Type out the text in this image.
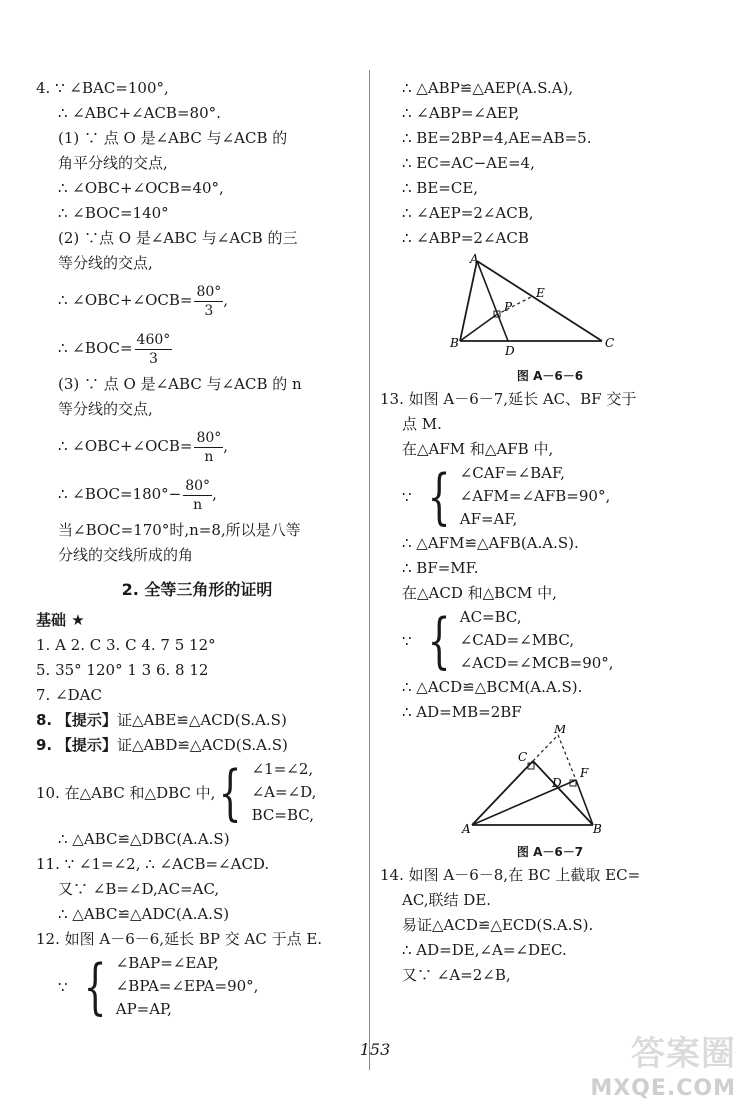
4. ∵ ∠BAC=100°,
∴ ∠ABC+∠ACB=80°.
(1) ∵ 点 O 是∠ABC 与∠ACB 的
角平分线的交点,
∴ ∠OBC+∠OCB=40°,
∴ ∠BOC=140°
(2) ∵点 O 是∠ABC 与∠ACB 的三
等分线的交点,
∴ ∠OBC+∠OCB= $\frac{80^\circ}{3}$ ,
∴ ∠BOC= $\frac{460^\circ}{3}$
(3) ∵ 点 O 是∠ABC 与∠ACB 的 n
等分线的交点,
∴ ∠OBC+∠OCB= $\frac{80^\circ}{n}$ ,
∴ ∠BOC=180°− $\frac{80^\circ}{n}$ ,
当∠BOC=170°时,n=8,所以是八等
分线的交线所成的角
2. 全等三角形的证明
基础 ★
1. A 2. C 3. C 4. 7 5 12°
5. 35° 120° 1 3 6. 8 12
7. ∠DAC
8. 【提示】证△ABE≌△ACD(S.A.S)
9. 【提示】证△ABD≌△ACD(S.A.S)
10. 在△ABC 和△DBC 中, { ∠1=∠2,
∠A=∠D,
BC=BC,
∴ △ABC≌△DBC(A.A.S)
11. ∵ ∠1=∠2, ∴ ∠ACB=∠ACD.
又∵ ∠B=∠D,AC=AC,
∴ △ABC≌△ADC(A.A.S)
12. 如图 A－6－6,延长 BP 交 AC 于点 E.
∵ { ∠BAP=∠EAP,
∠BPA=∠EPA=90°,
AP=AP,
∴ △ABP≌△AEP(A.S.A),
∴ ∠ABP=∠AEP,
∴ BE=2BP=4,AE=AB=5.
∴ EC=AC−AE=4,
∴ BE=CE,
∴ ∠AEP=2∠ACB,
∴ ∠ABP=2∠ACB
A
B	C
D
E
P
图 A－6－6
13. 如图 A－6－7,延长 AC、BF 交于
点 M.
在△AFM 和△AFB 中,
∵ { ∠CAF=∠BAF,
∠AFM=∠AFB=90°,
AF=AF,
∴ △AFM≌△AFB(A.A.S).
∴ BF=MF.
在△ACD 和△BCM 中,
∵ { AC=BC,
∠CAD=∠MBC,
∠ACD=∠MCB=90°,
∴ △ACD≌△BCM(A.A.S).
∴ AD=MB=2BF
M
C
D
F
A	B
图 A－6－7
14. 如图 A－6－8,在 BC 上截取 EC=
AC,联结 DE.
易证△ACD≌△ECD(S.A.S).
∴ AD=DE,∠A=∠DEC.
又∵ ∠A=2∠B,
153	答案圈
MXQE.COM
